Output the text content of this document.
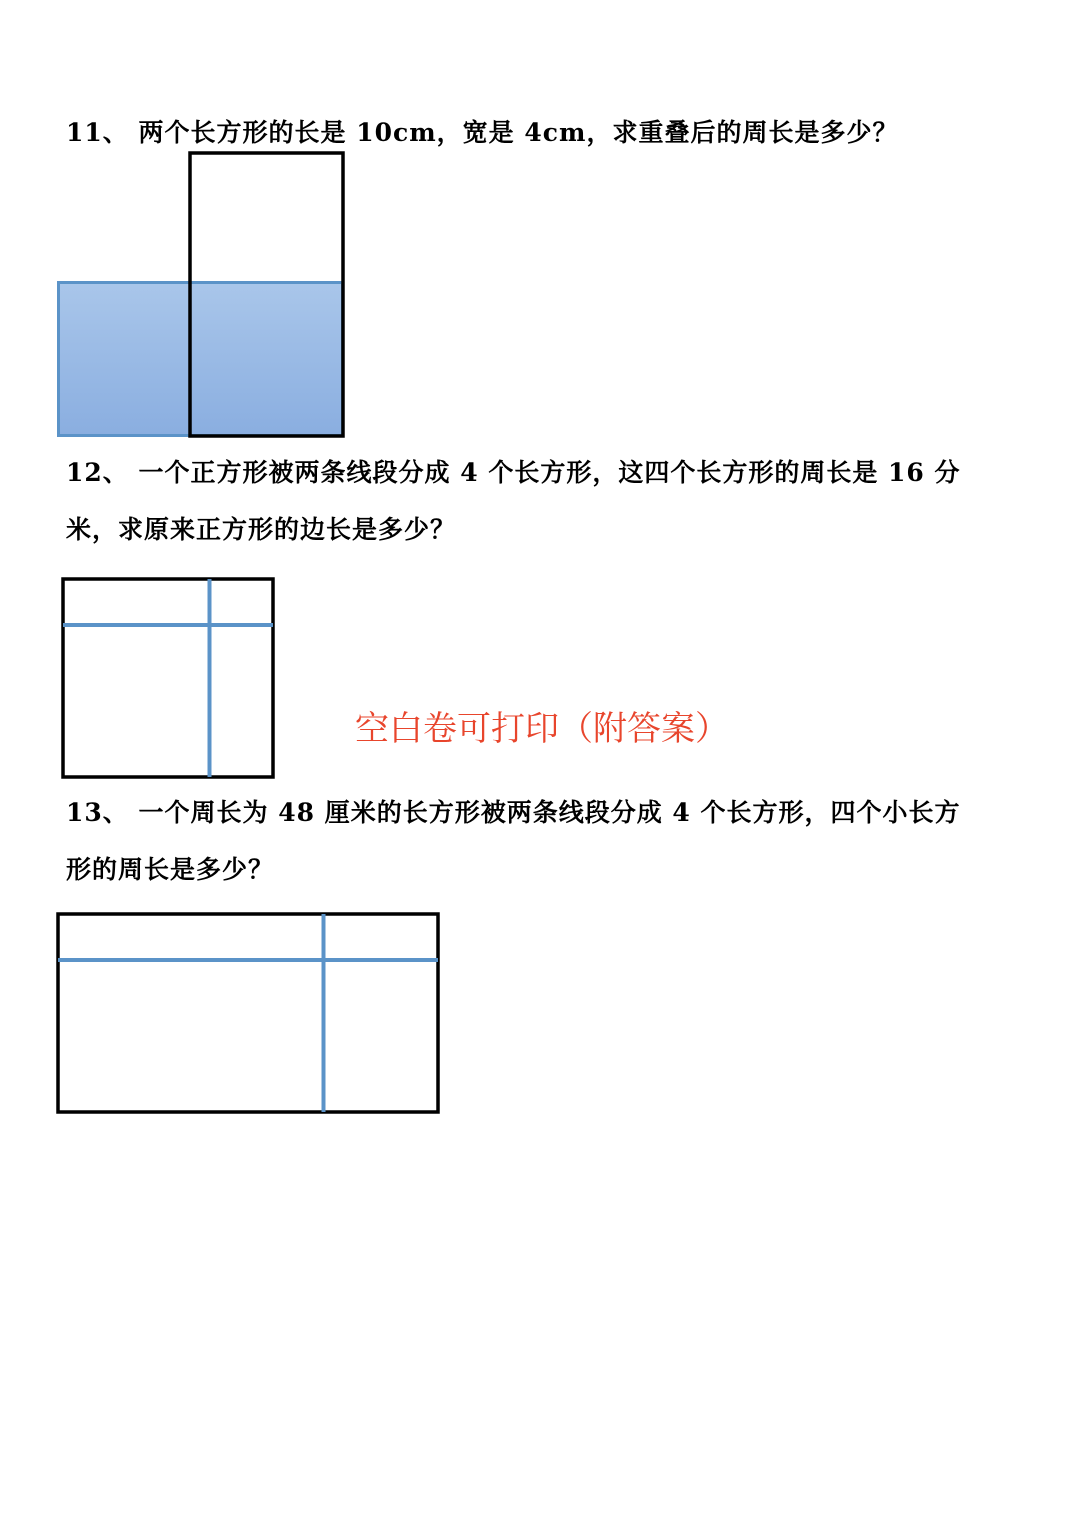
11、 两个长方形的长是 10cm，宽是 4cm，求重叠后的周长是多少？

12、 一个正方形被两条线段分成 4 个长方形，这四个长方形的周长是 16 分

米，求原来正方形的边长是多少？

空白卷可打印（附答案）

13、 一个周长为 48 厘米的长方形被两条线段分成 4 个长方形，四个小长方

形的周长是多少？
